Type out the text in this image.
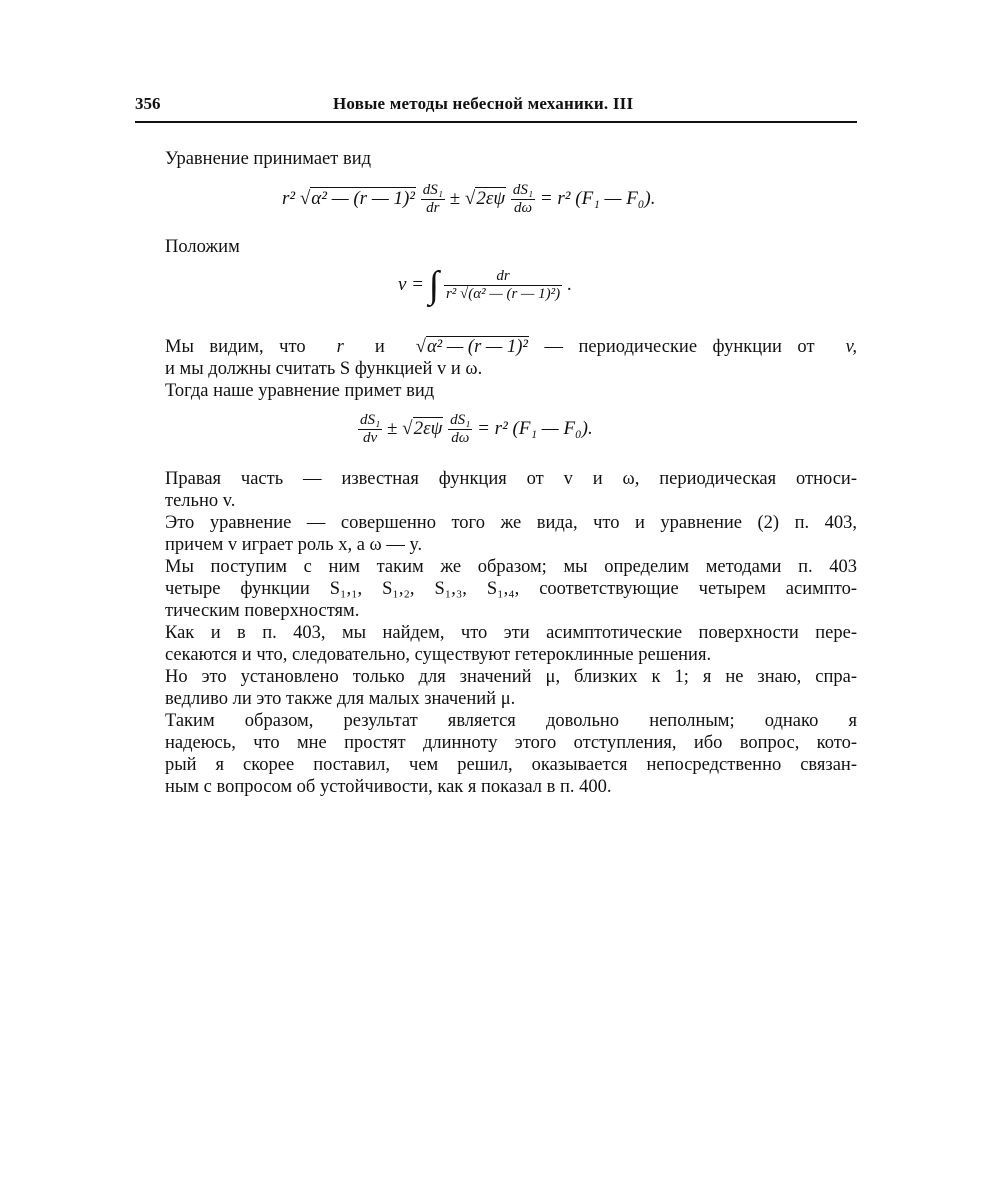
356	Новые методы небесной механики. III
Уравнение принимает вид
r² √α² — (r — $1)^2 \frac{\text{dS₁}}{dr} \pm √2\varepsilon\psi \frac{\text{dS₁}}{d\omega} = r^2$ (F₁ — F₀).
Положим
v = ∫ $\frac{dr}{\text{r² √(α² — (r — 1)²)}}$ .
Мы видим, что r и √α² — (r — 1)² — периодические функции от v,
и мы должны считать S функцией v и ω.
Тогда наше уравнение примет вид
$\frac{\text{dS₁}}{dv} \pm √2\varepsilon\psi \frac{\text{dS₁}}{d\omega} = r^2$ (F₁ — F₀).
Правая часть — известная функция от v и ω, периодическая относи-
тельно v.
Это уравнение — совершенно того же вида, что и уравнение (2) п. 403,
причем v играет роль x, а ω — y.
Мы поступим с ним таким же образом; мы определим методами п. 403
четыре функции S₁,₁, S₁,₂, S₁,₃, S₁,₄, соответствующие четырем асимпто-
тическим поверхностям.
Как и в п. 403, мы найдем, что эти асимптотические поверхности пере-
секаются и что, следовательно, существуют гетероклинные решения.
Но это установлено только для значений μ, близких к 1; я не знаю, спра-
ведливо ли это также для малых значений μ.
Таким образом, результат является довольно неполным; однако я
надеюсь, что мне простят длинноту этого отступления, ибо вопрос, кото-
рый я скорее поставил, чем решил, оказывается непосредственно связан-
ным с вопросом об устойчивости, как я показал в п. 400.
